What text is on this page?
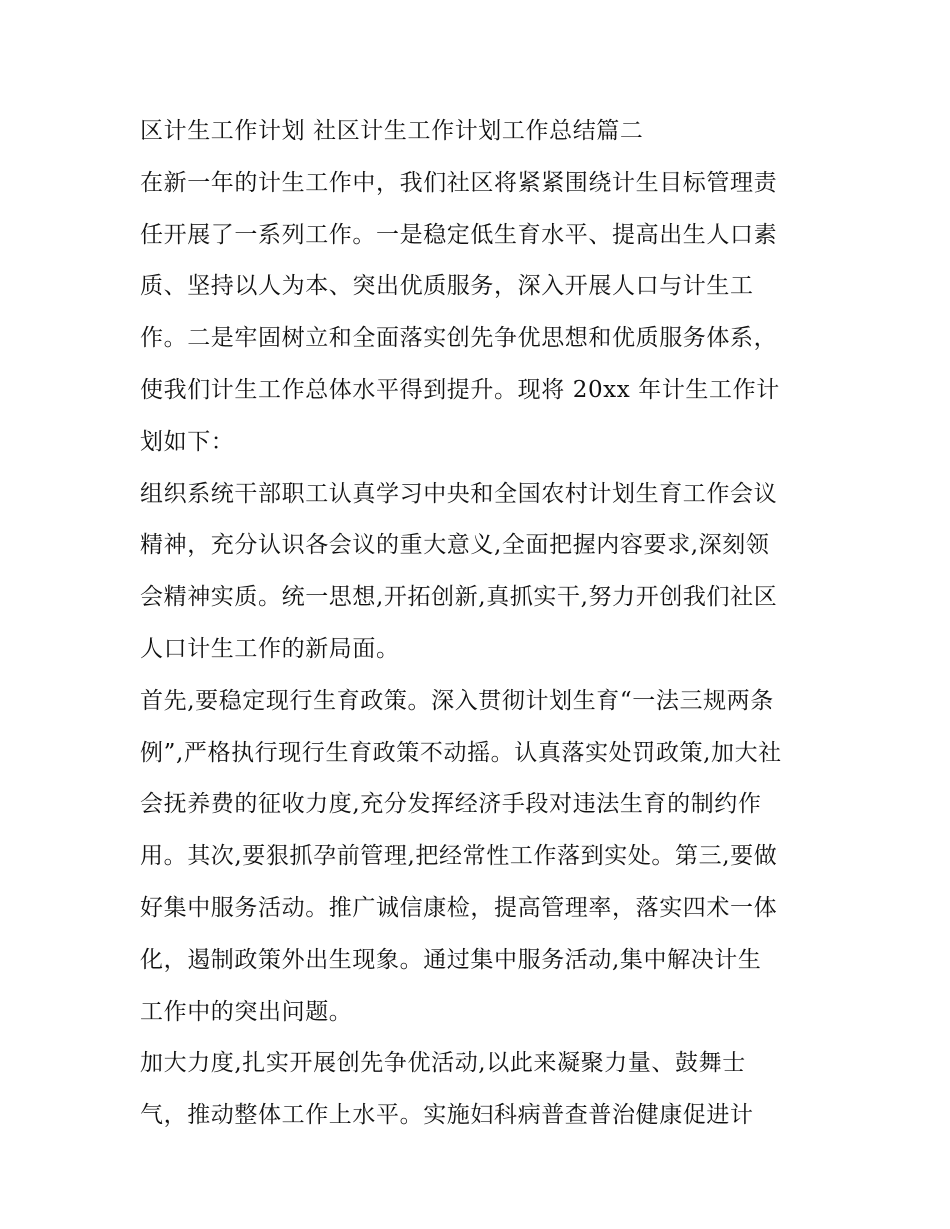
区计生工作计划 社区计生工作计划工作总结篇二
在新一年的计生工作中，我们社区将紧紧围绕计生目标管理责
任开展了一系列工作。一是稳定低生育水平、提高出生人口素
质、坚持以人为本、突出优质服务，深入开展人口与计生工
作。二是牢固树立和全面落实创先争优思想和优质服务体系，
使我们计生工作总体水平得到提升。现将 20xx 年计生工作计
划如下：
组织系统干部职工认真学习中央和全国农村计划生育工作会议
精神，充分认识各会议的重大意义,全面把握内容要求,深刻领
会精神实质。统一思想,开拓创新,真抓实干,努力开创我们社区
人口计生工作的新局面。
首先,要稳定现行生育政策。深入贯彻计划生育“一法三规两条
例”,严格执行现行生育政策不动摇。认真落实处罚政策,加大社
会抚养费的征收力度,充分发挥经济手段对违法生育的制约作
用。其次,要狠抓孕前管理,把经常性工作落到实处。第三,要做
好集中服务活动。推广诚信康检，提高管理率，落实四术一体
化，遏制政策外出生现象。通过集中服务活动,集中解决计生
工作中的突出问题。
加大力度,扎实开展创先争优活动,以此来凝聚力量、鼓舞士
气，推动整体工作上水平。实施妇科病普查普治健康促进计
